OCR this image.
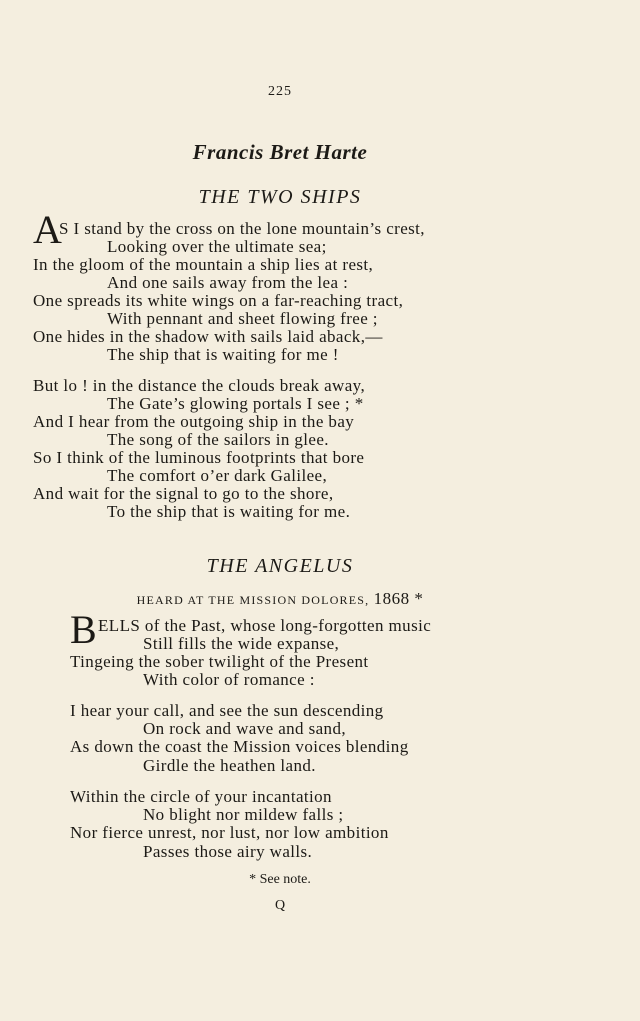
225
Francis Bret Harte
THE TWO SHIPS
A
S I stand by the cross on the lone mountain’s crest,
Looking over the ultimate sea;
In the gloom of the mountain a ship lies at rest,
And one sails away from the lea :
One spreads its white wings on a far-reaching tract,
With pennant and sheet flowing free ;
One hides in the shadow with sails laid aback,—
The ship that is waiting for me !
But lo ! in the distance the clouds break away,
The Gate’s glowing portals I see ; *
And I hear from the outgoing ship in the bay
The song of the sailors in glee.
So I think of the luminous footprints that bore
The comfort o’er dark Galilee,
And wait for the signal to go to the shore,
To the ship that is waiting for me.
THE ANGELUS
HEARD AT THE MISSION DOLORES, 1868 *
B ELLS of the Past, whose long-forgotten music
Still fills the wide expanse,
Tingeing the sober twilight of the Present
With color of romance :
I hear your call, and see the sun descending
On rock and wave and sand,
As down the coast the Mission voices blending
Girdle the heathen land.
Within the circle of your incantation
No blight nor mildew falls ;
Nor fierce unrest, nor lust, nor low ambition
Passes those airy walls.
* See note.
Q
